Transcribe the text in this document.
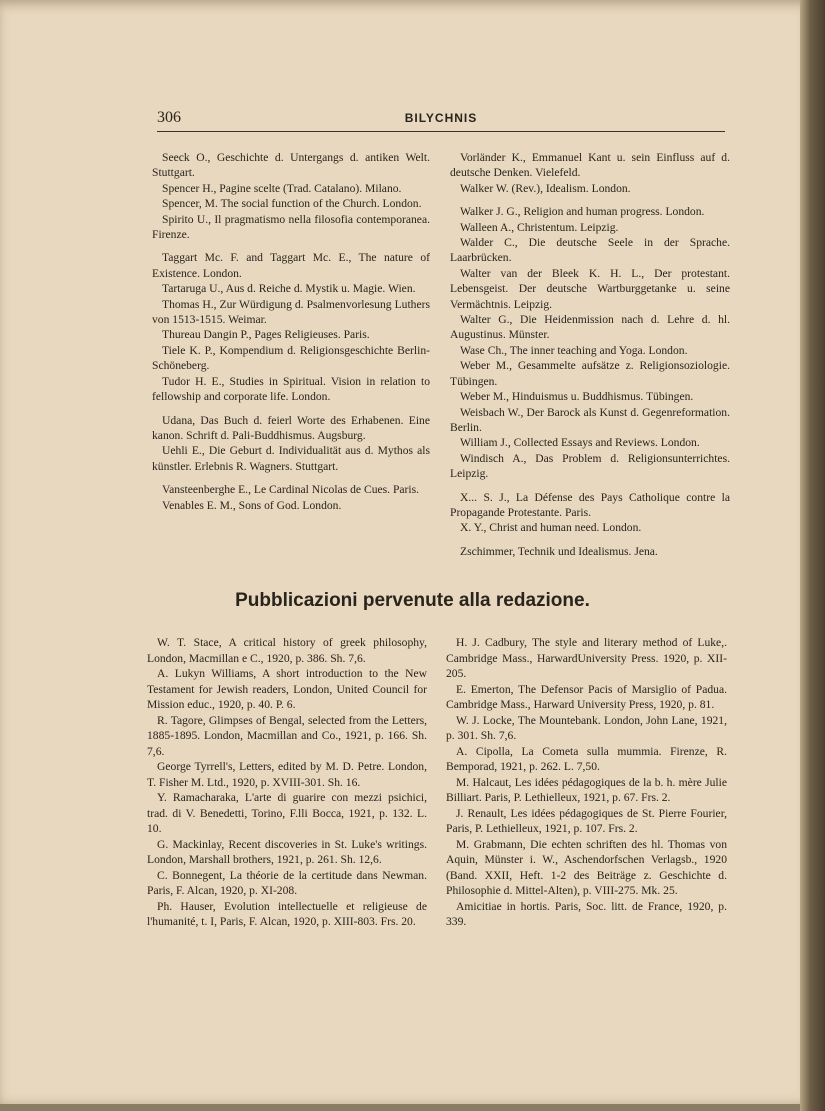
306	BILYCHNIS
Seeck O., Geschichte d. Untergangs d. antiken Welt. Stuttgart.
Spencer H., Pagine scelte (Trad. Catalano). Milano.
Spencer, M. The social function of the Church. London.
Spirito U., Il pragmatismo nella filosofia contemporanea. Firenze.
Taggart Mc. F. and Taggart Mc. E., The nature of Existence. London.
Tartaruga U., Aus d. Reiche d. Mystik u. Magie. Wien.
Thomas H., Zur Würdigung d. Psalmenvorlesung Luthers von 1513-1515. Weimar.
Thureau Dangin P., Pages Religieuses. Paris.
Tiele K. P., Kompendium d. Religionsgeschichte Berlin-Schöneberg.
Tudor H. E., Studies in Spiritual. Vision in relation to fellowship and corporate life. London.
Udana, Das Buch d. feierl Worte des Erhabenen. Eine kanon. Schrift d. Pali-Buddhismus. Augsburg.
Uehli E., Die Geburt d. Individualität aus d. Mythos als künstler. Erlebnis R. Wagners. Stuttgart.
Vansteenberghe E., Le Cardinal Nicolas de Cues. Paris.
Venables E. M., Sons of God. London.
Vorländer K., Emmanuel Kant u. sein Einfluss auf d. deutsche Denken. Vielefeld.
Walker W. (Rev.), Idealism. London.
Walker J. G., Religion and human progress. London.
Walleen A., Christentum. Leipzig.
Walder C., Die deutsche Seele in der Sprache. Laarbrücken.
Walter van der Bleek K. H. L., Der protestant. Lebensgeist. Der deutsche Wartburggetanke u. seine Vermächtnis. Leipzig.
Walter G., Die Heidenmission nach d. Lehre d. hl. Augustinus. Münster.
Wase Ch., The inner teaching and Yoga. London.
Weber M., Gesammelte aufsätze z. Religionsoziologie. Tübingen.
Weber M., Hinduismus u. Buddhismus. Tübingen.
Weisbach W., Der Barock als Kunst d. Gegenreformation. Berlin.
William J., Collected Essays and Reviews. London.
Windisch A., Das Problem d. Religionsunterrichtes. Leipzig.
X... S. J., La Défense des Pays Catholique contre la Propagande Protestante. Paris.
X. Y., Christ and human need. London.
Zschimmer, Technik und Idealismus. Jena.
Pubblicazioni pervenute alla redazione.
W. T. Stace, A critical history of greek philosophy, London, Macmillan e C., 1920, p. 386. Sh. 7,6.
A. Lukyn Williams, A short introduction to the New Testament for Jewish readers, London, United Council for Mission educ., 1920, p. 40. P. 6.
R. Tagore, Glimpses of Bengal, selected from the Letters, 1885-1895. London, Macmillan and Co., 1921, p. 166. Sh. 7,6.
George Tyrrell's, Letters, edited by M. D. Petre. London, T. Fisher M. Ltd., 1920, p. XVIII-301. Sh. 16.
Y. Ramacharaka, L'arte di guarire con mezzi psichici, trad. di V. Benedetti, Torino, F.lli Bocca, 1921, p. 132. L. 10.
G. Mackinlay, Recent discoveries in St. Luke's writings. London, Marshall brothers, 1921, p. 261. Sh. 12,6.
C. Bonnegent, La théorie de la certitude dans Newman. Paris, F. Alcan, 1920, p. XI-208.
Ph. Hauser, Evolution intellectuelle et religieuse de l'humanité, t. I, Paris, F. Alcan, 1920, p. XIII-803. Frs. 20.
H. J. Cadbury, The style and literary method of Luke,. Cambridge Mass., HarwardUniversity Press. 1920, p. XII-205.
E. Emerton, The Defensor Pacis of Marsiglio of Padua. Cambridge Mass., Harward University Press, 1920, p. 81.
W. J. Locke, The Mountebank. London, John Lane, 1921, p. 301. Sh. 7,6.
A. Cipolla, La Cometa sulla mummia. Firenze, R. Bemporad, 1921, p. 262. L. 7,50.
M. Halcaut, Les idées pédagogiques de la b. h. mère Julie Billiart. Paris, P. Lethielleux, 1921, p. 67. Frs. 2.
J. Renault, Les idées pédagogiques de St. Pierre Fourier, Paris, P. Lethielleux, 1921, p. 107. Frs. 2.
M. Grabmann, Die echten schriften des hl. Thomas von Aquin, Münster i. W., Aschendorfschen Verlagsb., 1920 (Band. XXII, Heft. 1-2 des Beiträge z. Geschichte d. Philosophie d. Mittel-Alten), p. VIII-275. Mk. 25.
Amicitiae in hortis. Paris, Soc. litt. de France, 1920, p. 339.
